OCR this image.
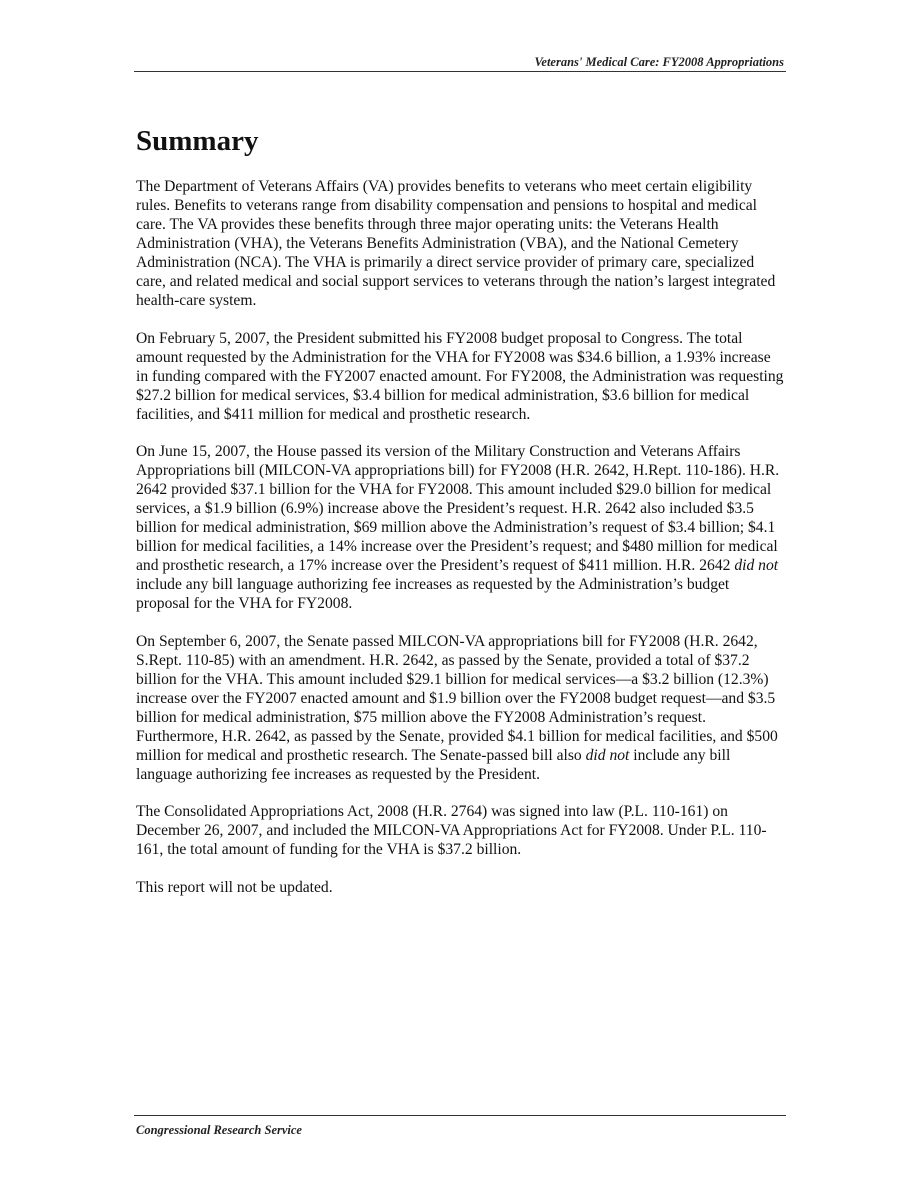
Veterans' Medical Care: FY2008 Appropriations
Summary

The Department of Veterans Affairs (VA) provides benefits to veterans who meet certain eligibility rules. Benefits to veterans range from disability compensation and pensions to hospital and medical care. The VA provides these benefits through three major operating units: the Veterans Health Administration (VHA), the Veterans Benefits Administration (VBA), and the National Cemetery Administration (NCA). The VHA is primarily a direct service provider of primary care, specialized care, and related medical and social support services to veterans through the nation’s largest integrated health-care system.

On February 5, 2007, the President submitted his FY2008 budget proposal to Congress. The total amount requested by the Administration for the VHA for FY2008 was $34.6 billion, a 1.93% increase in funding compared with the FY2007 enacted amount. For FY2008, the Administration was requesting $27.2 billion for medical services, $3.4 billion for medical administration, $3.6 billion for medical facilities, and $411 million for medical and prosthetic research.

On June 15, 2007, the House passed its version of the Military Construction and Veterans Affairs Appropriations bill (MILCON-VA appropriations bill) for FY2008 (H.R. 2642, H.Rept. 110-186). H.R. 2642 provided $37.1 billion for the VHA for FY2008. This amount included $29.0 billion for medical services, a $1.9 billion (6.9%) increase above the President’s request. H.R. 2642 also included $3.5 billion for medical administration, $69 million above the Administration’s request of $3.4 billion; $4.1 billion for medical facilities, a 14% increase over the President’s request; and $480 million for medical and prosthetic research, a 17% increase over the President’s request of $411 million. H.R. 2642 did not include any bill language authorizing fee increases as requested by the Administration’s budget proposal for the VHA for FY2008.

On September 6, 2007, the Senate passed MILCON-VA appropriations bill for FY2008 (H.R. 2642, S.Rept. 110-85) with an amendment. H.R. 2642, as passed by the Senate, provided a total of $37.2 billion for the VHA. This amount included $29.1 billion for medical services—a $3.2 billion (12.3%) increase over the FY2007 enacted amount and $1.9 billion over the FY2008 budget request—and $3.5 billion for medical administration, $75 million above the FY2008 Administration’s request. Furthermore, H.R. 2642, as passed by the Senate, provided $4.1 billion for medical facilities, and $500 million for medical and prosthetic research. The Senate-passed bill also did not include any bill language authorizing fee increases as requested by the President.

The Consolidated Appropriations Act, 2008 (H.R. 2764) was signed into law (P.L. 110-161) on December 26, 2007, and included the MILCON-VA Appropriations Act for FY2008. Under P.L. 110-161, the total amount of funding for the VHA is $37.2 billion.

This report will not be updated.

Congressional Research Service
